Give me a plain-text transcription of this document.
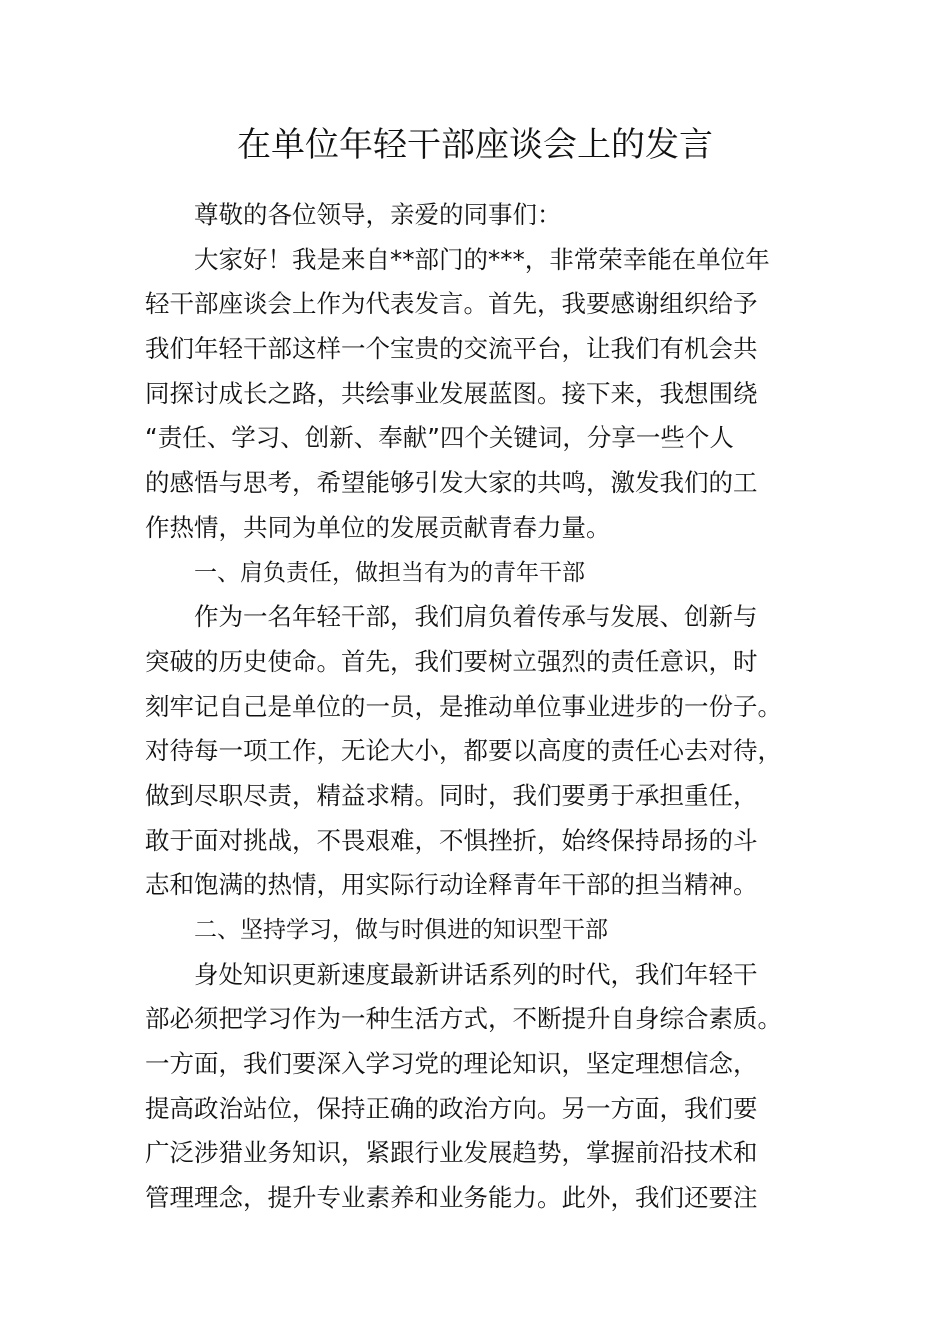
在单位年轻干部座谈会上的发言

尊敬的各位领导，亲爱的同事们：

大家好！我是来自**部门的***，非常荣幸能在单位年

轻干部座谈会上作为代表发言。首先，我要感谢组织给予

我们年轻干部这样一个宝贵的交流平台，让我们有机会共

同探讨成长之路，共绘事业发展蓝图。接下来，我想围绕

“责任、学习、创新、奉献”四个关键词，分享一些个人

的感悟与思考，希望能够引发大家的共鸣，激发我们的工

作热情，共同为单位的发展贡献青春力量。

一、肩负责任，做担当有为的青年干部

作为一名年轻干部，我们肩负着传承与发展、创新与

突破的历史使命。首先，我们要树立强烈的责任意识，时

刻牢记自己是单位的一员，是推动单位事业进步的一份子。

对待每一项工作，无论大小，都要以高度的责任心去对待，

做到尽职尽责，精益求精。同时，我们要勇于承担重任，

敢于面对挑战，不畏艰难，不惧挫折，始终保持昂扬的斗

志和饱满的热情，用实际行动诠释青年干部的担当精神。

二、坚持学习，做与时俱进的知识型干部

身处知识更新速度最新讲话系列的时代，我们年轻干

部必须把学习作为一种生活方式，不断提升自身综合素质。

一方面，我们要深入学习党的理论知识，坚定理想信念，

提高政治站位，保持正确的政治方向。另一方面，我们要

广泛涉猎业务知识，紧跟行业发展趋势，掌握前沿技术和

管理理念，提升专业素养和业务能力。此外，我们还要注
